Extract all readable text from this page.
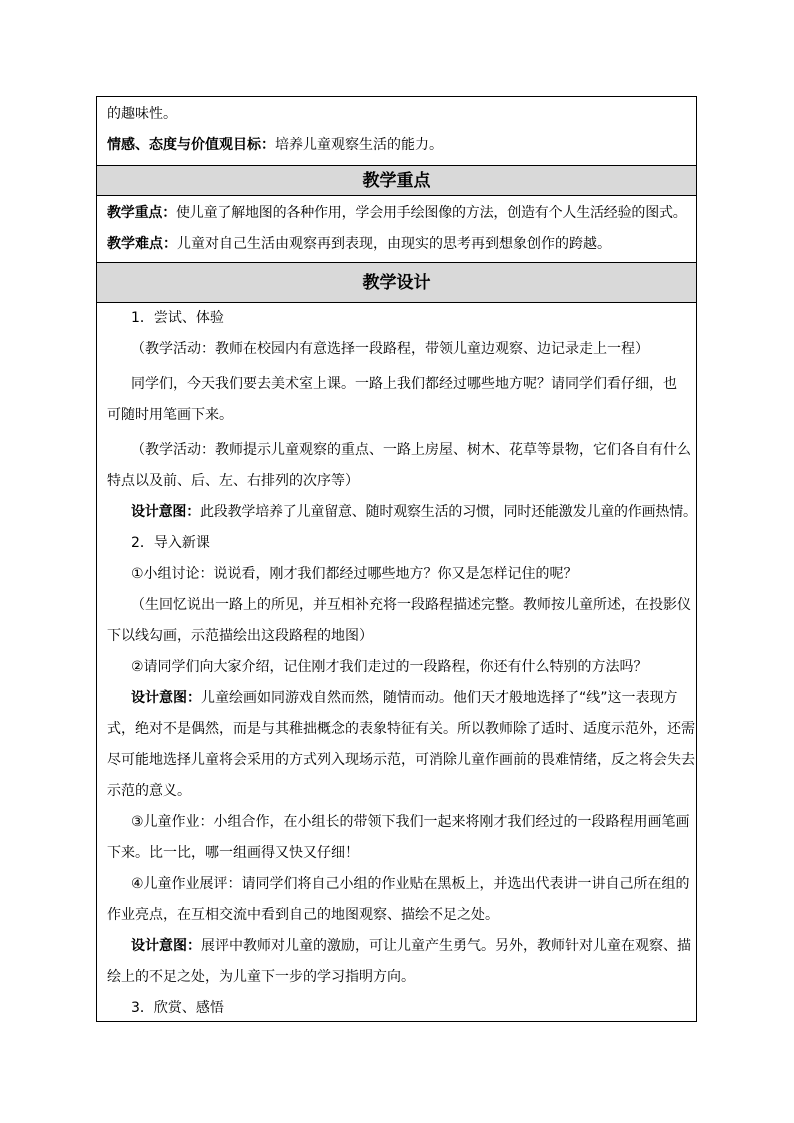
的趣味性。

情感、态度与价值观目标：培养儿童观察生活的能力。

教学重点

教学重点：使儿童了解地图的各种作用，学会用手绘图像的方法，创造有个人生活经验的图式。

教学难点：儿童对自己生活由观察再到表现，由现实的思考再到想象创作的跨越。

教学设计

1．尝试、体验

（教学活动：教师在校园内有意选择一段路程，带领儿童边观察、边记录走上一程）

同学们，今天我们要去美术室上课。一路上我们都经过哪些地方呢？请同学们看仔细，也

可随时用笔画下来。

（教学活动：教师提示儿童观察的重点、一路上房屋、树木、花草等景物，它们各自有什么

特点以及前、后、左、右排列的次序等）

设计意图：此段教学培养了儿童留意、随时观察生活的习惯，同时还能激发儿童的作画热情。

2．导入新课

①小组讨论：说说看，刚才我们都经过哪些地方？你又是怎样记住的呢？

（生回忆说出一路上的所见，并互相补充将一段路程描述完整。教师按儿童所述，在投影仪

下以线勾画，示范描绘出这段路程的地图）

②请同学们向大家介绍，记住刚才我们走过的一段路程，你还有什么特别的方法吗？

设计意图：儿童绘画如同游戏自然而然，随情而动。他们天才般地选择了“线”这一表现方

式，绝对不是偶然，而是与其稚拙概念的表象特征有关。所以教师除了适时、适度示范外，还需

尽可能地选择儿童将会采用的方式列入现场示范，可消除儿童作画前的畏难情绪，反之将会失去

示范的意义。

③儿童作业：小组合作，在小组长的带领下我们一起来将刚才我们经过的一段路程用画笔画

下来。比一比，哪一组画得又快又仔细！

④儿童作业展评：请同学们将自己小组的作业贴在黑板上，并选出代表讲一讲自己所在组的

作业亮点，在互相交流中看到自己的地图观察、描绘不足之处。

设计意图：展评中教师对儿童的激励，可让儿童产生勇气。另外，教师针对儿童在观察、描

绘上的不足之处，为儿童下一步的学习指明方向。

3．欣赏、感悟
